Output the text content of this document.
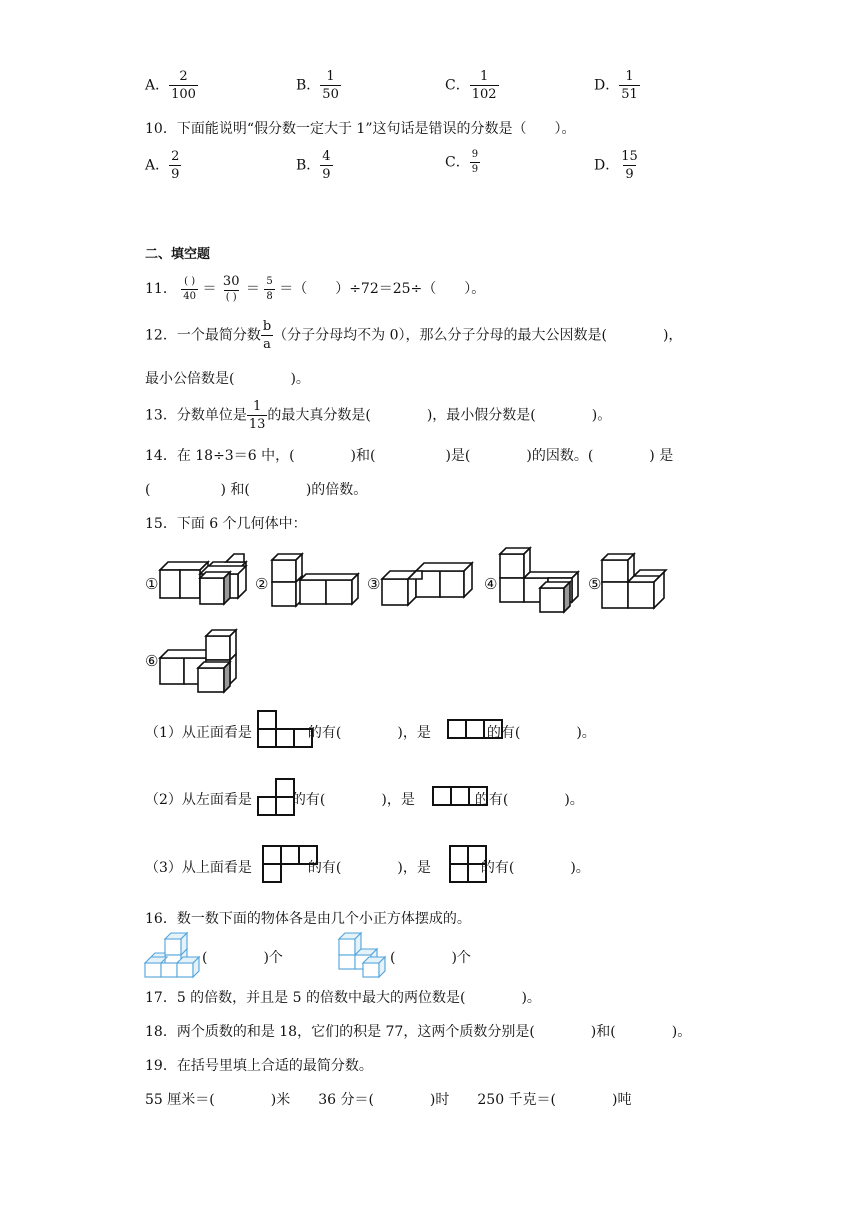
A． $\frac{2}{100}$	B． $\frac{1}{50}$	C． $\frac{1}{102}$	D． $\frac{1}{51}$
10．下面能说明“假分数一定大于 1”这句话是错误的分数是（　　）。
A． $\frac{2}{9}$	B． $\frac{4}{9}$	C． $\frac{9}{9}$	D． $\frac{15}{9}$
二、填空题
11． $\frac{( )}{40} = \frac{30}{( )} = \frac{5}{8}$ ＝（　　）÷72＝25÷（　　）。
12．一个最简分数 $\frac{b}{a}$ （分子分母均不为 0），那么分子分母的最大公因数是(　　　　)，
最小公倍数是(　　　　)。
13．分数单位是 $\frac{1}{13}$ 的最大真分数是(　　　　)，最小假分数是(　　　　)。
14．在 18÷3＝6 中，(　　　　)和(　　　　　)是(　　　　)的因数。(　　　　) 是
(　　　　　) 和(　　　　)的倍数。
15．下面 6 个几何体中：
①	②	③	④	⑤
⑥
（1）从正面看是	的有(　　　　)，是	的有(　　　　)。
（2）从左面看是	的有(　　　　)，是	的有(　　　　)。
（3）从上面看是	的有(　　　　)，是	的有(　　　　)。
16．数一数下面的物体各是由几个小正方体摆成的。
(　　　　)个	(　　　　)个
17．5 的倍数，并且是 5 的倍数中最大的两位数是(　　　　)。
18．两个质数的和是 18，它们的积是 77，这两个质数分别是(　　　　)和(　　　　)。
19．在括号里填上合适的最简分数。
55 厘米＝(　　　　)米　　36 分＝(　　　　)时　　250 千克＝(　　　　)吨
